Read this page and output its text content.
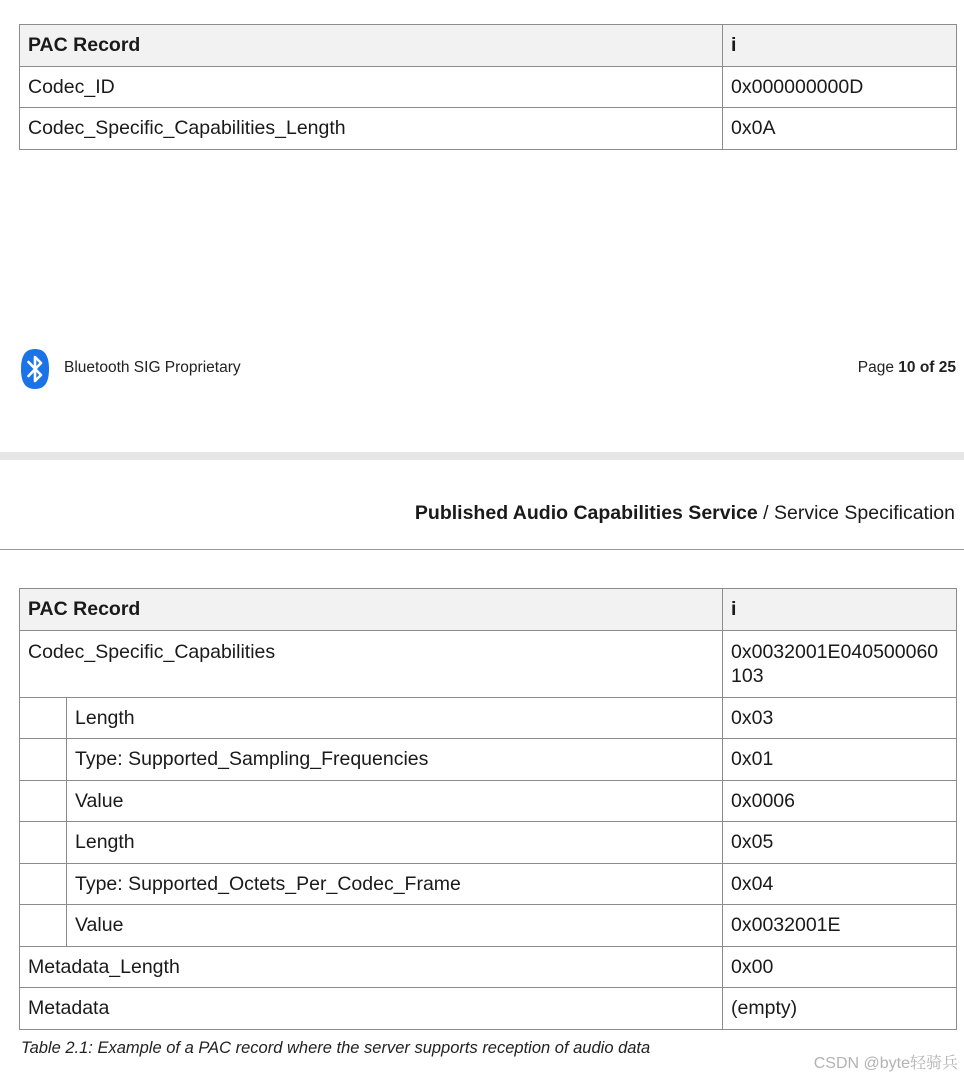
PAC Record	i
Codec_ID	0x000000000D
Codec_Specific_Capabilities_Length	0x0A
Bluetooth SIG Proprietary	Page 10 of 25
Published Audio Capabilities Service / Service Specification
PAC Record		i
Codec_Specific_Capabilities		0x0032001E040500060
103
	Length	0x03
	Type: Supported_Sampling_Frequencies	0x01
	Value	0x0006
	Length	0x05
	Type: Supported_Octets_Per_Codec_Frame	0x04
	Value	0x0032001E
Metadata_Length		0x00
Metadata		(empty)
Table 2.1: Example of a PAC record where the server supports reception of audio data
CSDN @byte轻骑兵
